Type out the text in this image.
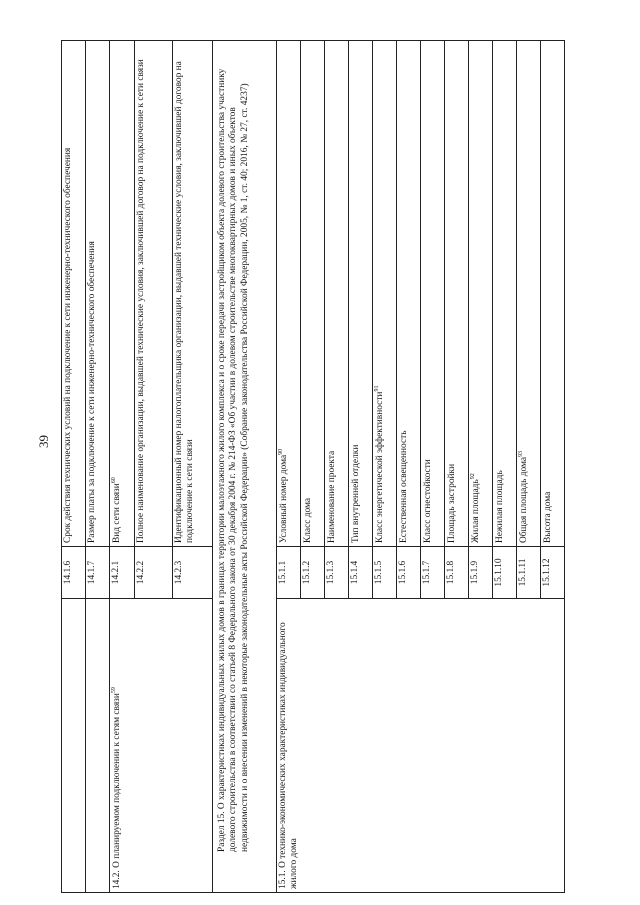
39
	14.1.6	Срок действия технических условий на подключение к сети инженерно-технического обеспечения
	14.1.7	Размер платы за подключение к сети инженерно-технического обеспечения
14.2. О планируемом подключении к сетям связи$^{59}$	14.2.1	Вид сети связи$^{60}$
	14.2.2	Полное наименование организации, выдавшей технические условия, заключившей договор на подключение к сети связи
	14.2.3	Идентификационный номер налогоплательщика организации, выдавшей технические условия, заключившей договор на подключение к сети связи
Раздел 15. О характеристиках индивидуальных жилых домов в границах территории малоэтажного жилого комплекса и о сроке передачи застройщиком объекта долевого строительства участнику долевого строительства в соответствии со статьей 8 Федерального закона от 30 декабря 2004 г. № 214-ФЗ «Об участии в долевом строительстве многоквартирных домов и иных объектов недвижимости и о внесении изменений в некоторые законодательные акты Российской Федерации» (Собрание законодательства Российской Федерации, 2005, № 1, ст. 40; 2016, № 27, ст. 4237)		
15.1. О технико-экономических характеристиках индивидуального жилого дома	15.1.1	Условный номер дома$^{90}$
	15.1.2	Класс дома
	15.1.3	Наименование проекта
	15.1.4	Тип внутренней отделки
	15.1.5	Класс энергетической эффективности$^{91}$
	15.1.6	Естественная освещенность
	15.1.7	Класс огнестойкости
	15.1.8	Площадь застройки
	15.1.9	Жилая площадь$^{92}$
	15.1.10	Нежилая площадь
	15.1.11	Общая площадь дома$^{93}$
	15.1.12	Высота дома
